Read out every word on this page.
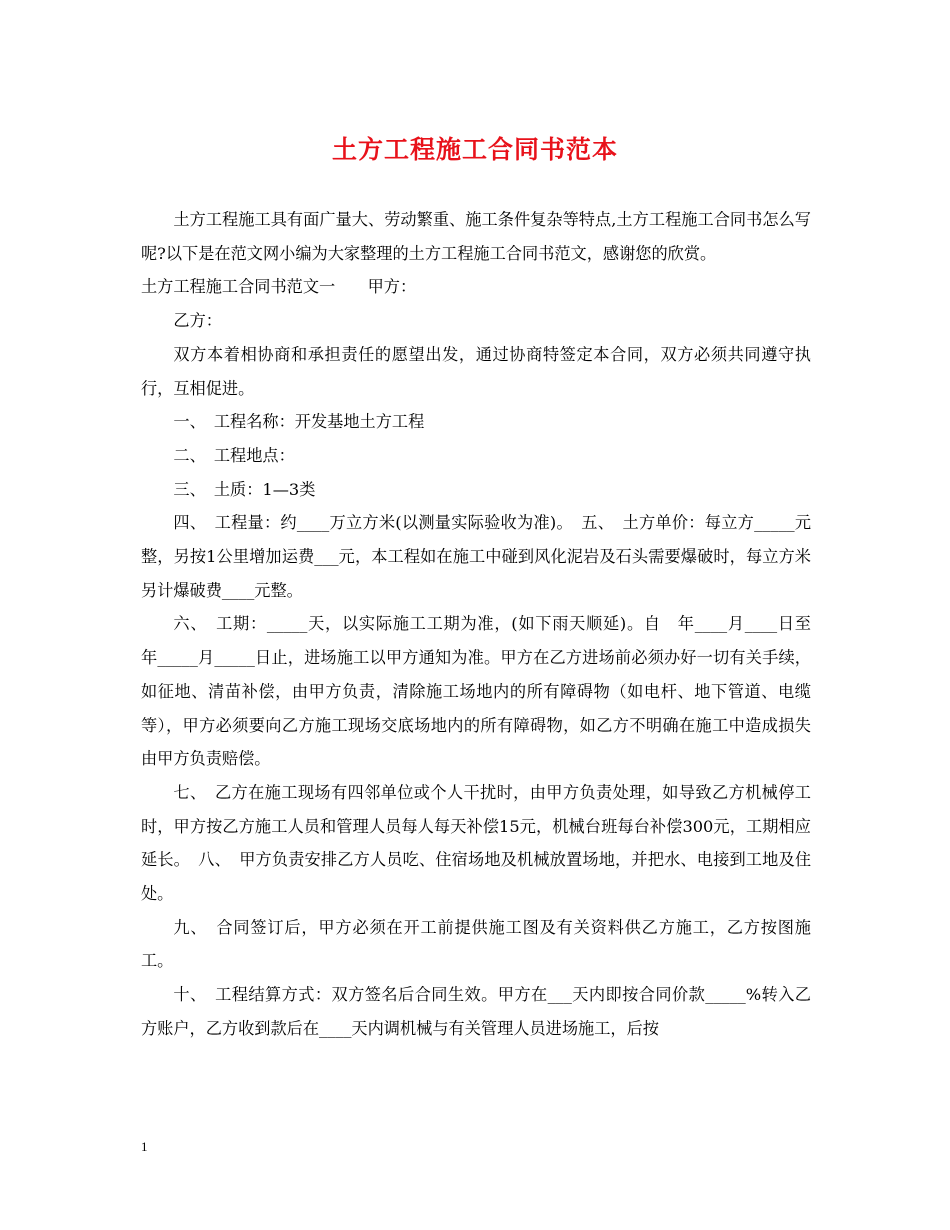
土方工程施工合同书范本

土方工程施工具有面广量大、劳动繁重、施工条件复杂等特点,土方工程施工合同书怎么写呢?以下是在范文网小编为大家整理的土方工程施工合同书范文，感谢您的欣赏。

土方工程施工合同书范文一　　甲方：

乙方：

双方本着相协商和承担责任的愿望出发，通过协商特签定本合同，双方必须共同遵守执行，互相促进。

一、　工程名称：开发基地土方工程

二、　工程地点：

三、　土质：1—3类

四、　工程量：约____万立方米(以测量实际验收为准)。　五、　土方单价：每立方_____元整，另按1公里增加运费___元，本工程如在施工中碰到风化泥岩及石头需要爆破时，每立方米另计爆破费____元整。

六、　工期：_____天，以实际施工工期为准，(如下雨天顺延)。自　年____月____日至　年_____月_____日止，进场施工以甲方通知为准。甲方在乙方进场前必须办好一切有关手续，如征地、清苗补偿，由甲方负责，清除施工场地内的所有障碍物（如电杆、地下管道、电缆等），甲方必须要向乙方施工现场交底场地内的所有障碍物，如乙方不明确在施工中造成损失由甲方负责赔偿。

七、　乙方在施工现场有四邻单位或个人干扰时，由甲方负责处理，如导致乙方机械停工时，甲方按乙方施工人员和管理人员每人每天补偿15元，机械台班每台补偿300元，工期相应延长。　八、　甲方负责安排乙方人员吃、住宿场地及机械放置场地，并把水、电接到工地及住处。

九、　合同签订后，甲方必须在开工前提供施工图及有关资料供乙方施工，乙方按图施工。

十、　工程结算方式：双方签名后合同生效。甲方在___天内即按合同价款_____%转入乙方账户，乙方收到款后在____天内调机械与有关管理人员进场施工，后按

1
